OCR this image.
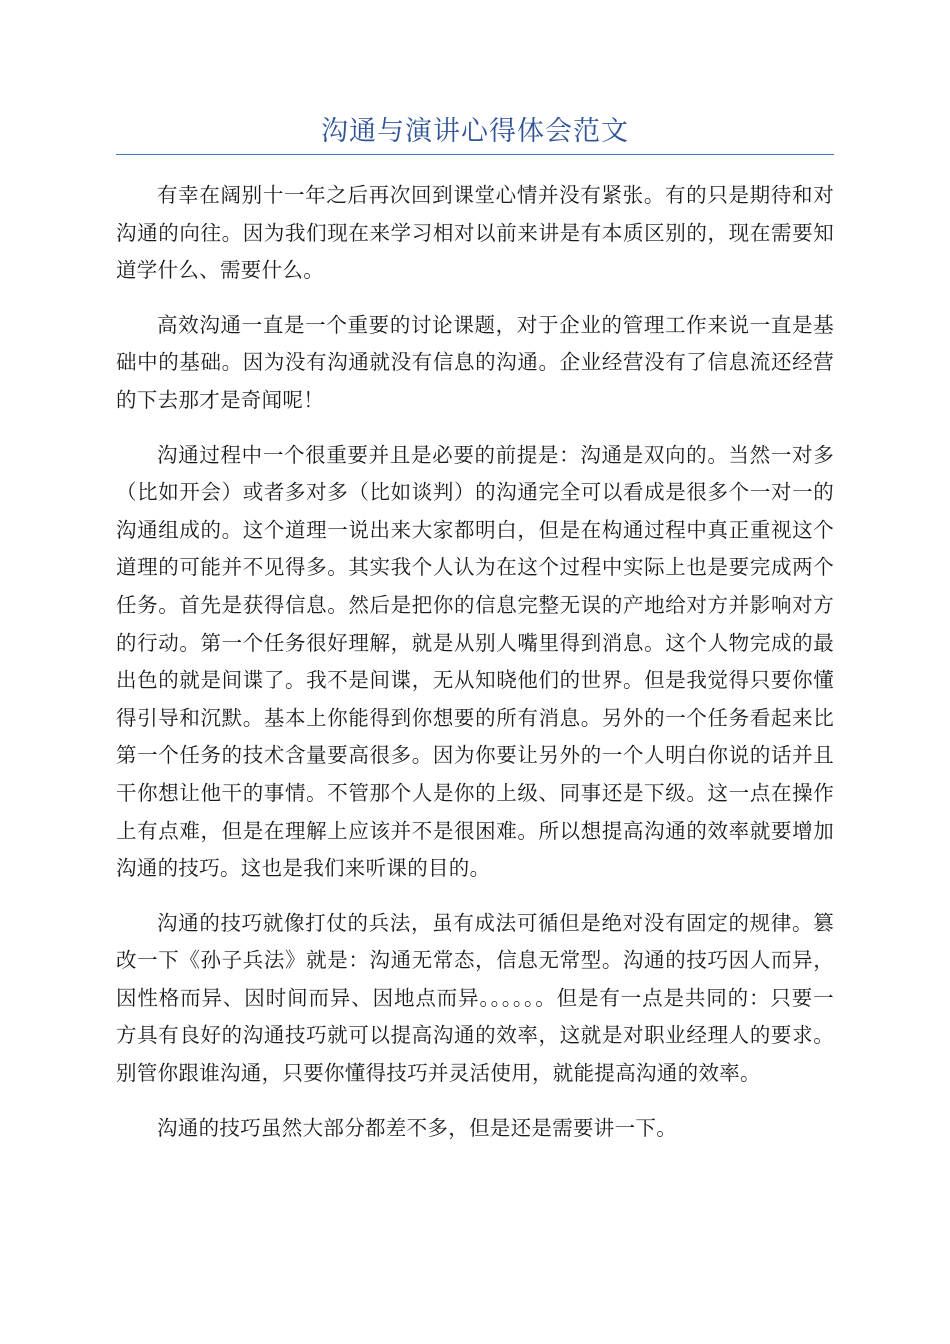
沟通与演讲心得体会范文

有幸在阔别十一年之后再次回到课堂心情并没有紧张。有的只是期待和对沟通的向往。因为我们现在来学习相对以前来讲是有本质区别的，现在需要知道学什么、需要什么。

高效沟通一直是一个重要的讨论课题，对于企业的管理工作来说一直是基础中的基础。因为没有沟通就没有信息的沟通。企业经营没有了信息流还经营的下去那才是奇闻呢！

沟通过程中一个很重要并且是必要的前提是：沟通是双向的。当然一对多（比如开会）或者多对多（比如谈判）的沟通完全可以看成是很多个一对一的沟通组成的。这个道理一说出来大家都明白，但是在构通过程中真正重视这个道理的可能并不见得多。其实我个人认为在这个过程中实际上也是要完成两个任务。首先是获得信息。然后是把你的信息完整无误的产地给对方并影响对方的行动。第一个任务很好理解，就是从别人嘴里得到消息。这个人物完成的最出色的就是间谍了。我不是间谍，无从知晓他们的世界。但是我觉得只要你懂得引导和沉默。基本上你能得到你想要的所有消息。另外的一个任务看起来比第一个任务的技术含量要高很多。因为你要让另外的一个人明白你说的话并且干你想让他干的事情。不管那个人是你的上级、同事还是下级。这一点在操作上有点难，但是在理解上应该并不是很困难。所以想提高沟通的效率就要增加沟通的技巧。这也是我们来听课的目的。

沟通的技巧就像打仗的兵法，虽有成法可循但是绝对没有固定的规律。篡改一下《孙子兵法》就是：沟通无常态，信息无常型。沟通的技巧因人而异，因性格而异、因时间而异、因地点而异。。。。。。但是有一点是共同的：只要一方具有良好的沟通技巧就可以提高沟通的效率，这就是对职业经理人的要求。别管你跟谁沟通，只要你懂得技巧并灵活使用，就能提高沟通的效率。

沟通的技巧虽然大部分都差不多，但是还是需要讲一下。
